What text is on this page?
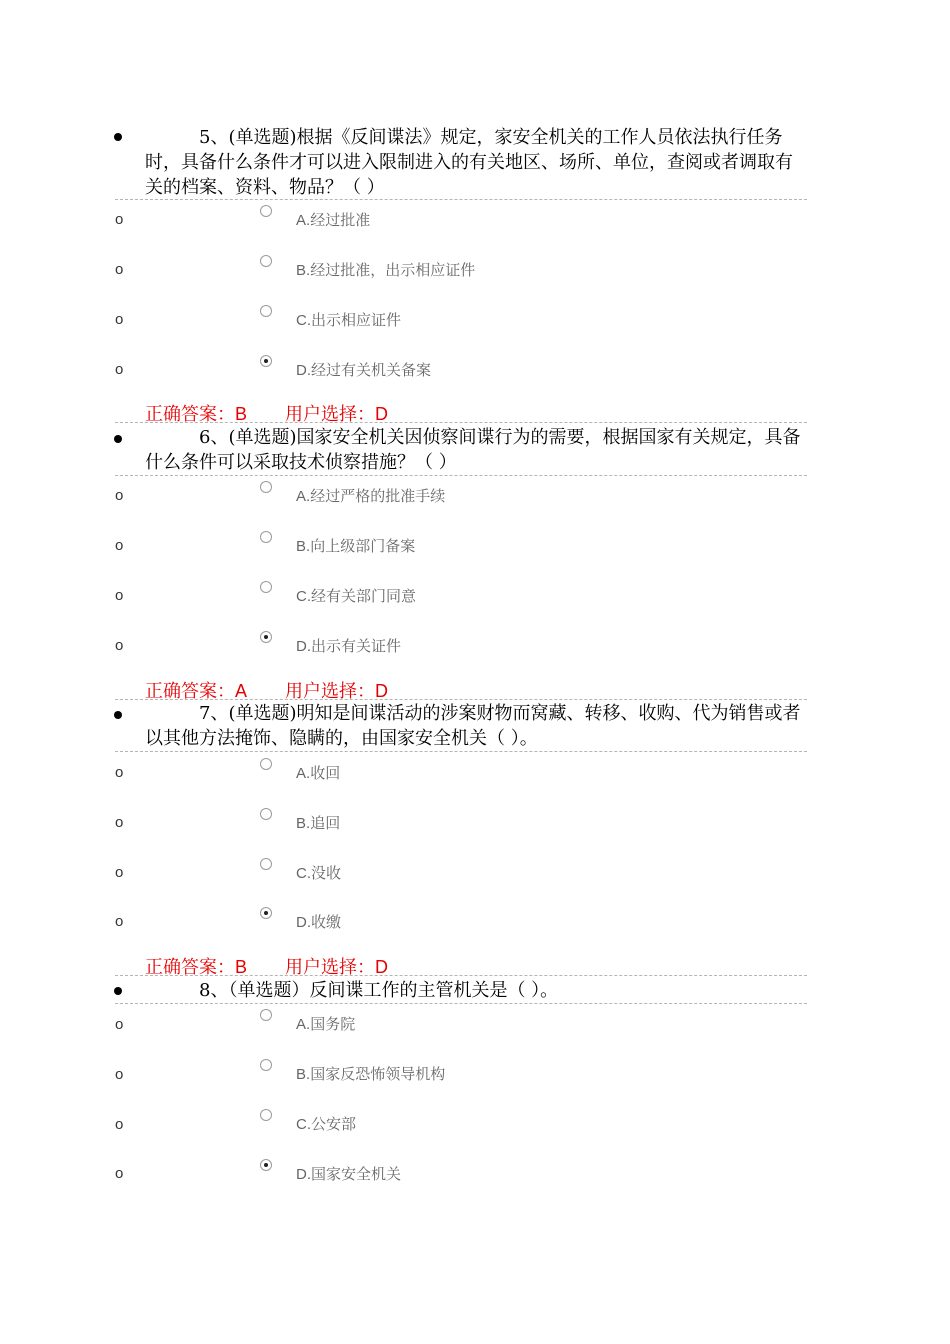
5、(单选题)根据《反间谍法》规定，家安全机关的工作人员依法执行任务时，具备什么条件才可以进入限制进入的有关地区、场所、单位，查阅或者调取有关的档案、资料、物品？（ ）
o	A.经过批准
o	B.经过批准，出示相应证件
o	C.出示相应证件
o	D.经过有关机关备案
正确答案：B 用户选择：D
6、(单选题)国家安全机关因侦察间谍行为的需要，根据国家有关规定，具备什么条件可以采取技术侦察措施？（ ）
o	A.经过严格的批准手续
o	B.向上级部门备案
o	C.经有关部门同意
o	D.出示有关证件
正确答案：A 用户选择：D
7、(单选题)明知是间谍活动的涉案财物而窝藏、转移、收购、代为销售或者以其他方法掩饰、隐瞒的，由国家安全机关（ ）。
o	A.收回
o	B.追回
o	C.没收
o	D.收缴
正确答案：B 用户选择：D
8、（单选题）反间谍工作的主管机关是（ ）。
o	A.国务院
o	B.国家反恐怖领导机构
o	C.公安部
o	D.国家安全机关
